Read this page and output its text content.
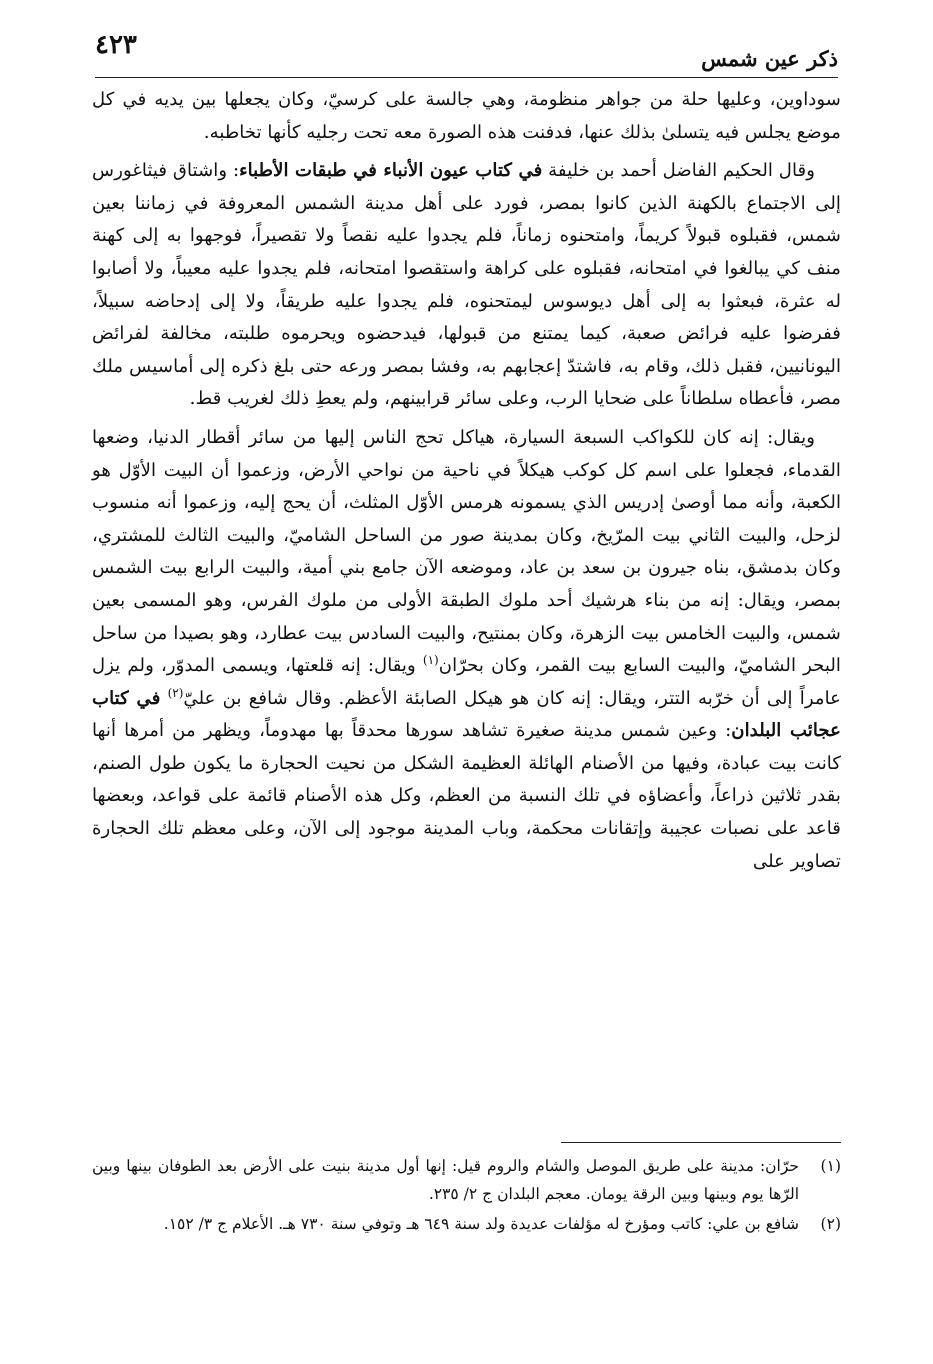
٤٢٣	ذكر عين شمس

سوداوين، وعليها حلة من جواهر منظومة، وهي جالسة على كرسيّ، وكان يجعلها بين يديه في كل موضع يجلس فيه يتسلىٰ بذلك عنها، فدفنت هذه الصورة معه تحت رجليه كأنها تخاطبه.

وقال الحكيم الفاضل أحمد بن خليفة في كتاب عيون الأنباء في طبقات الأطباء: واشتاق فيثاغورس إلى الاجتماع بالكهنة الذين كانوا بمصر، فورد على أهل مدينة الشمس المعروفة في زماننا بعين شمس، فقبلوه قبولاً كريماً، وامتحنوه زماناً، فلم يجدوا عليه نقصاً ولا تقصيراً، فوجهوا به إلى كهنة منف كي يبالغوا في امتحانه، فقبلوه على كراهة واستقصوا امتحانه، فلم يجدوا عليه معيباً، ولا أصابوا له عثرة، فبعثوا به إلى أهل ديوسوس ليمتحنوه، فلم يجدوا عليه طريقاً، ولا إلى إدحاضه سبيلاً، ففرضوا عليه فرائض صعبة، كيما يمتنع من قبولها، فيدحضوه ويحرموه طلبته، مخالفة لفرائض اليونانيين، فقبل ذلك، وقام به، فاشتدّ إعجابهم به، وفشا بمصر ورعه حتى بلغ ذكره إلى أماسيس ملك مصر، فأعطاه سلطاناً على ضحايا الرب، وعلى سائر قرابينهم، ولم يعطِ ذلك لغريب قط.

ويقال: إنه كان للكواكب السبعة السيارة، هياكل تحج الناس إليها من سائر أقطار الدنيا، وضعها القدماء، فجعلوا على اسم كل كوكب هيكلاً في ناحية من نواحي الأرض، وزعموا أن البيت الأوّل هو الكعبة، وأنه مما أوصىٰ إدريس الذي يسمونه هرمس الأوّل المثلث، أن يحج إليه، وزعموا أنه منسوب لزحل، والبيت الثاني بيت المرّيخ، وكان بمدينة صور من الساحل الشاميّ، والبيت الثالث للمشتري، وكان بدمشق، بناه جيرون بن سعد بن عاد، وموضعه الآن جامع بني أمية، والبيت الرابع بيت الشمس بمصر، ويقال: إنه من بناء هرشيك أحد ملوك الطبقة الأولى من ملوك الفرس، وهو المسمى بعين شمس، والبيت الخامس بيت الزهرة، وكان بمنتيح، والبيت السادس بيت عطارد، وهو بصيدا من ساحل البحر الشاميّ، والبيت السابع بيت القمر، وكان بحرّان$^{(١)}$ ويقال: إنه قلعتها، ويسمى المدوّر، ولم يزل عامراً إلى أن خرّبه التتر، ويقال: إنه كان هو هيكل الصابئة الأعظم. وقال شافع بن عليّ$^{(٢)}$ في كتاب عجائب البلدان: وعين شمس مدينة صغيرة تشاهد سورها محدقاً بها مهدوماً، ويظهر من أمرها أنها كانت بيت عبادة، وفيها من الأصنام الهائلة العظيمة الشكل من نحيت الحجارة ما يكون طول الصنم، بقدر ثلاثين ذراعاً، وأعضاؤه في تلك النسبة من العظم، وكل هذه الأصنام قائمة على قواعد، وبعضها قاعد على نصبات عجيبة وإتقانات محكمة، وباب المدينة موجود إلى الآن، وعلى معظم تلك الحجارة تصاوير على

(١)حرّان: مدينة على طريق الموصل والشام والروم قيل: إنها أول مدينة بنيت على الأرض بعد الطوفان بينها وبين الرّها يوم وبينها وبين الرقة يومان. معجم البلدان ج ٢/ ٢٣٥.

(٢)شافع بن علي: كاتب ومؤرخ له مؤلفات عديدة ولد سنة ٦٤٩ هـ وتوفي سنة ٧٣٠ هـ. الأعلام ج ٣/ ١٥٢.
